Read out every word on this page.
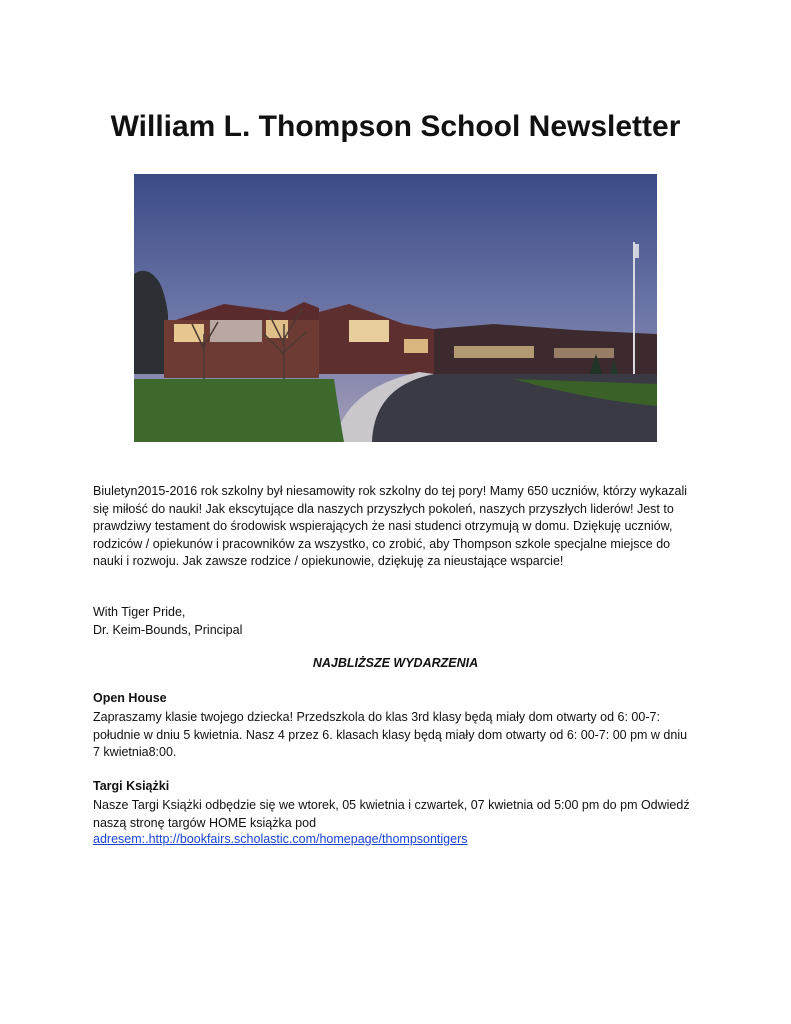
William L. Thompson School Newsletter

Biuletyn2015-2016 rok szkolny był niesamowity rok szkolny do tej pory! Mamy 650 uczniów, którzy wykazali się miłość do nauki! Jak ekscytujące dla naszych przyszłych pokoleń, naszych przyszłych liderów! Jest to prawdziwy testament do środowisk wspierających że nasi studenci otrzymują w domu. Dziękuję uczniów, rodziców / opiekunów i pracowników za wszystko, co zrobić, aby Thompson szkole specjalne miejsce do nauki i rozwoju. Jak zawsze rodzice / opiekunowie, dziękuję za nieustające wsparcie!

With Tiger Pride,

Dr. Keim-Bounds, Principal

NAJBLIŻSZE WYDARZENIA
Open House

Zapraszamy klasie twojego dziecka! Przedszkola do klas 3rd klasy będą miały dom otwarty od 6: 00-7: południe w dniu 5 kwietnia. Nasz 4 przez 6. klasach klasy będą miały dom otwarty od 6: 00-7: 00 pm w dniu 7 kwietnia8:00.

Targi Książki

Nasze Targi Książki odbędzie się we wtorek, 05 kwietnia i czwartek, 07 kwietnia od 5:00 pm do pm Odwiedź naszą stronę targów HOME książka pod

adresem:.http://bookfairs.scholastic.com/homepage/thompsontigers
